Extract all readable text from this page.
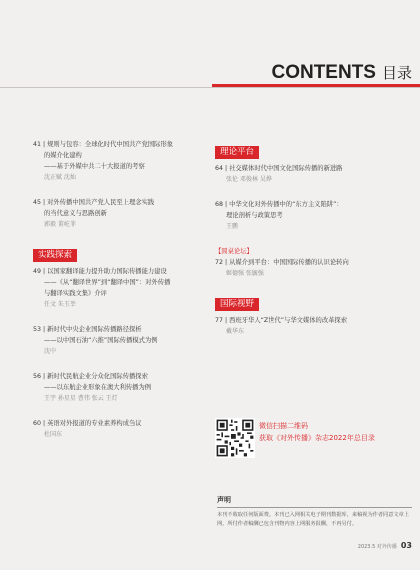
CONTENTS 目录
41 | 规则与包容：全球化时代中国共产党国际形象
的媒介化建构
——基于外媒中共二十大报道的考察
沈正赋 沈灿
45 | 对外传播中国共产党人民至上理念实践
的当代意义与思路创新
郭毅 董屹菲
实践探索
49 | 以国家翻译能力提升助力国际传播能力建设
——《从“翻译世界”到“翻译中国”：对外传播
与翻译实践文集》介评
任文 朱玉莘
53 | 新时代中央企业国际传播路径探析
——以中国石油“六推”国际传播模式为例
沈中
56 | 新时代民航企业分众化国际传播探索
——以东航企业形象在澳大利传播为例
王宇 孙星星 曹伟 张云 王灯
60 | 英语对外报道的专业素养构成刍议
杜国东
理论平台
64 | 社交媒体时代中国文化国际传播的新进路
张伦 邓俊林 吴烨
68 | 中华文化对外传播中的“东方主义陷阱”：
理论剖析与政策思考
王鹏
【圆桌论坛】
72 | 从媒介到平台：中国国际传播的认识论转向
姬德强 张毓强
国际视野
77 | 西班牙华人“Z世代”与华文媒体的改革探索
戴华东
微信扫描二维码
获取《对外传播》杂志2022年总目录
声明
本刊不收取任何版面费。本刊已入网相关电子期刊数据库，来稿视为作者同意文章上网。所付作者稿酬已包含刊物内容上网服务报酬，不再另付。
2023.5 对外传播 03
